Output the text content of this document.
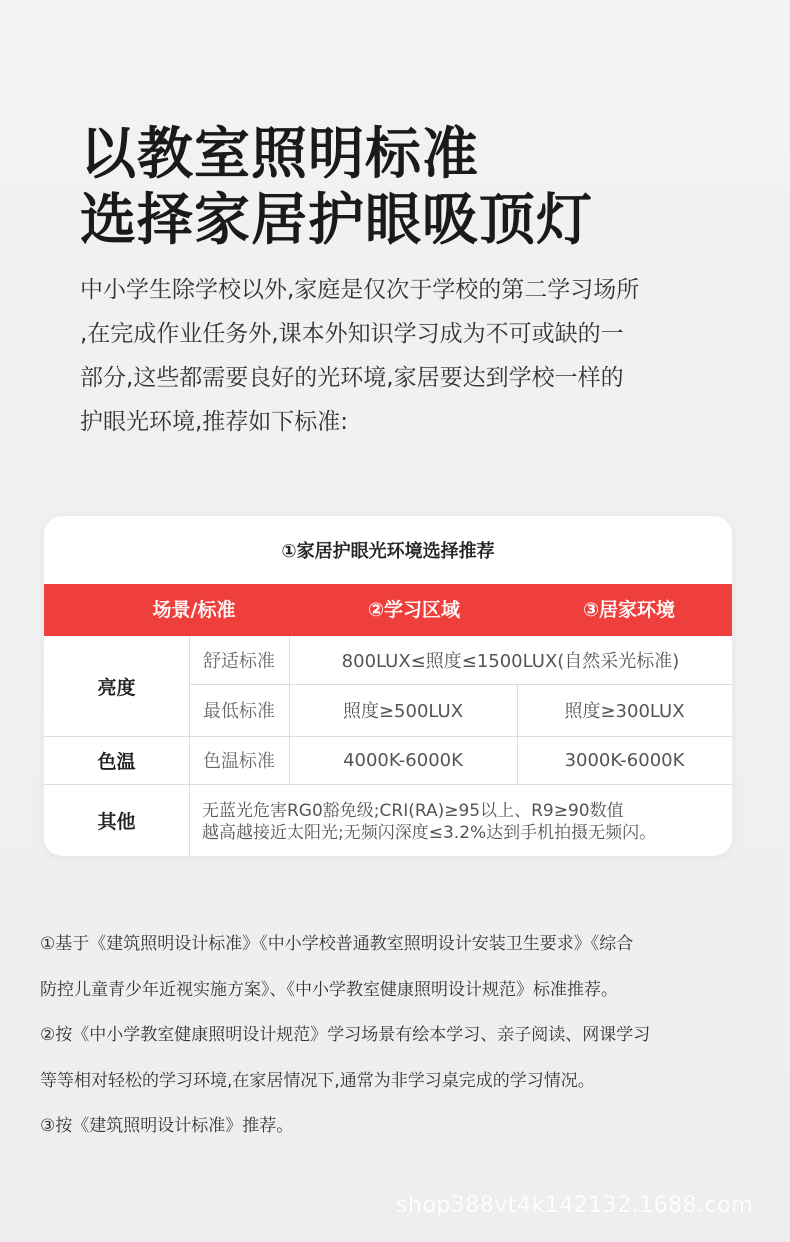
以教室照明标准
选择家居护眼吸顶灯
中小学生除学校以外,家庭是仅次于学校的第二学习场所
,在完成作业任务外,课本外知识学习成为不可或缺的一
部分,这些都需要良好的光环境,家居要达到学校一样的
护眼光环境,推荐如下标准:
①家居护眼光环境选择推荐
场景/标准	②学习区域	③居家环境
亮度
舒适标准	800LUX≤照度≤1500LUX(自然采光标准)
最低标准	照度≥500LUX	照度≥300LUX
色温	色温标准	4000K-6000K	3000K-6000K
其他	无蓝光危害RG0豁免级;CRI(RA)≥95以上、R9≥90数值
越高越接近太阳光;无频闪深度≤3.2%达到手机拍摄无频闪。
①基于《建筑照明设计标准》《中小学校普通教室照明设计安装卫生要求》《综合
防控儿童青少年近视实施方案》、《中小学教室健康照明设计规范》标准推荐。
②按《中小学教室健康照明设计规范》学习场景有绘本学习、亲子阅读、网课学习
等等相对轻松的学习环境,在家居情况下,通常为非学习桌完成的学习情况。
③按《建筑照明设计标准》推荐。
shop388vt4k142132.1688.com
